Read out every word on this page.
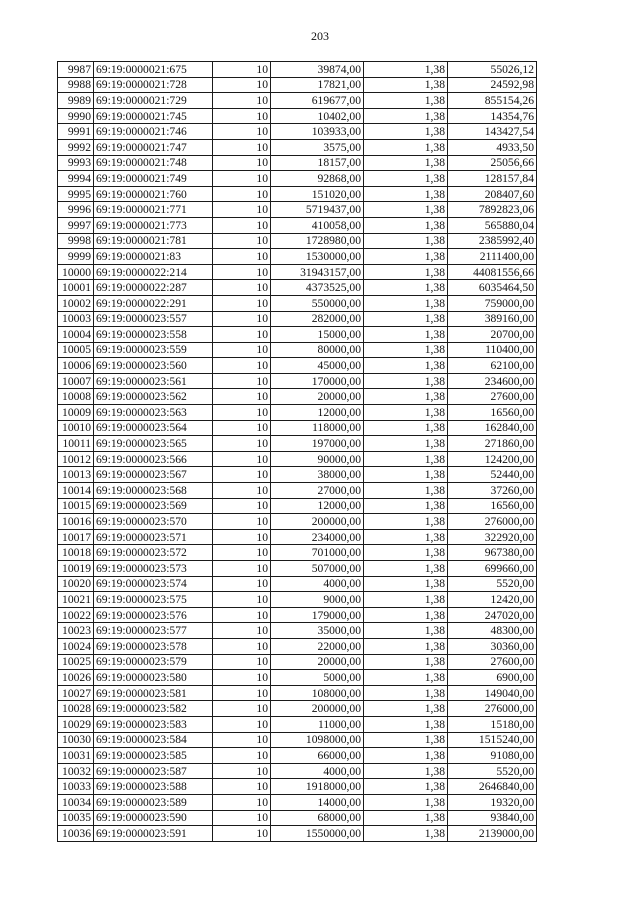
203
9987	69:19:0000021:675	10	39874,00	1,38	55026,12
9988	69:19:0000021:728	10	17821,00	1,38	24592,98
9989	69:19:0000021:729	10	619677,00	1,38	855154,26
9990	69:19:0000021:745	10	10402,00	1,38	14354,76
9991	69:19:0000021:746	10	103933,00	1,38	143427,54
9992	69:19:0000021:747	10	3575,00	1,38	4933,50
9993	69:19:0000021:748	10	18157,00	1,38	25056,66
9994	69:19:0000021:749	10	92868,00	1,38	128157,84
9995	69:19:0000021:760	10	151020,00	1,38	208407,60
9996	69:19:0000021:771	10	5719437,00	1,38	7892823,06
9997	69:19:0000021:773	10	410058,00	1,38	565880,04
9998	69:19:0000021:781	10	1728980,00	1,38	2385992,40
9999	69:19:0000021:83	10	1530000,00	1,38	2111400,00
10000	69:19:0000022:214	10	31943157,00	1,38	44081556,66
10001	69:19:0000022:287	10	4373525,00	1,38	6035464,50
10002	69:19:0000022:291	10	550000,00	1,38	759000,00
10003	69:19:0000023:557	10	282000,00	1,38	389160,00
10004	69:19:0000023:558	10	15000,00	1,38	20700,00
10005	69:19:0000023:559	10	80000,00	1,38	110400,00
10006	69:19:0000023:560	10	45000,00	1,38	62100,00
10007	69:19:0000023:561	10	170000,00	1,38	234600,00
10008	69:19:0000023:562	10	20000,00	1,38	27600,00
10009	69:19:0000023:563	10	12000,00	1,38	16560,00
10010	69:19:0000023:564	10	118000,00	1,38	162840,00
10011	69:19:0000023:565	10	197000,00	1,38	271860,00
10012	69:19:0000023:566	10	90000,00	1,38	124200,00
10013	69:19:0000023:567	10	38000,00	1,38	52440,00
10014	69:19:0000023:568	10	27000,00	1,38	37260,00
10015	69:19:0000023:569	10	12000,00	1,38	16560,00
10016	69:19:0000023:570	10	200000,00	1,38	276000,00
10017	69:19:0000023:571	10	234000,00	1,38	322920,00
10018	69:19:0000023:572	10	701000,00	1,38	967380,00
10019	69:19:0000023:573	10	507000,00	1,38	699660,00
10020	69:19:0000023:574	10	4000,00	1,38	5520,00
10021	69:19:0000023:575	10	9000,00	1,38	12420,00
10022	69:19:0000023:576	10	179000,00	1,38	247020,00
10023	69:19:0000023:577	10	35000,00	1,38	48300,00
10024	69:19:0000023:578	10	22000,00	1,38	30360,00
10025	69:19:0000023:579	10	20000,00	1,38	27600,00
10026	69:19:0000023:580	10	5000,00	1,38	6900,00
10027	69:19:0000023:581	10	108000,00	1,38	149040,00
10028	69:19:0000023:582	10	200000,00	1,38	276000,00
10029	69:19:0000023:583	10	11000,00	1,38	15180,00
10030	69:19:0000023:584	10	1098000,00	1,38	1515240,00
10031	69:19:0000023:585	10	66000,00	1,38	91080,00
10032	69:19:0000023:587	10	4000,00	1,38	5520,00
10033	69:19:0000023:588	10	1918000,00	1,38	2646840,00
10034	69:19:0000023:589	10	14000,00	1,38	19320,00
10035	69:19:0000023:590	10	68000,00	1,38	93840,00
10036	69:19:0000023:591	10	1550000,00	1,38	2139000,00
